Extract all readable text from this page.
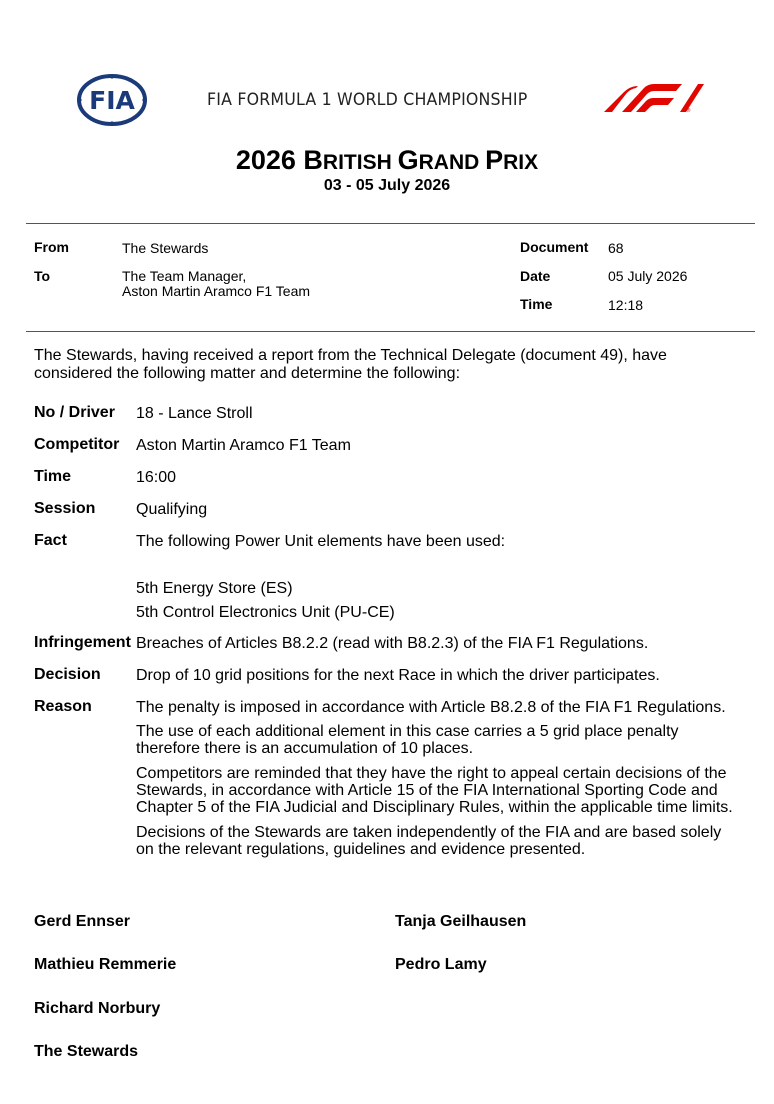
FIA	FIA FORMULA 1 WORLD CHAMPIONSHIP
®
2026 BRITISH GRAND PRIX
03 - 05 July 2026
From	The Stewards
To	The Team Manager,
Aston Martin Aramco F1 Team
Document 68
Date	05 July 2026
Time	12:18
The Stewards, having received a report from the Technical Delegate (document 49), have
considered the following matter and determine the following:
No / Driver 18 - Lance Stroll
Competitor Aston Martin Aramco F1 Team
Time	16:00
Session	Qualifying
Fact	The following Power Unit elements have been used:
5th Energy Store (ES)
5th Control Electronics Unit (PU-CE)
Infringement Breaches of Articles B8.2.2 (read with B8.2.3) of the FIA F1 Regulations.
Decision Drop of 10 grid positions for the next Race in which the driver participates.
Reason	The penalty is imposed in accordance with Article B8.2.8 of the FIA F1 Regulations.
The use of each additional element in this case carries a 5 grid place penalty
therefore there is an accumulation of 10 places.
Competitors are reminded that they have the right to appeal certain decisions of the
Stewards, in accordance with Article 15 of the FIA International Sporting Code and
Chapter 5 of the FIA Judicial and Disciplinary Rules, within the applicable time limits.
Decisions of the Stewards are taken independently of the FIA and are based solely
on the relevant regulations, guidelines and evidence presented.
Gerd Ennser	Tanja Geilhausen
Mathieu Remmerie	Pedro Lamy
Richard Norbury
The Stewards
